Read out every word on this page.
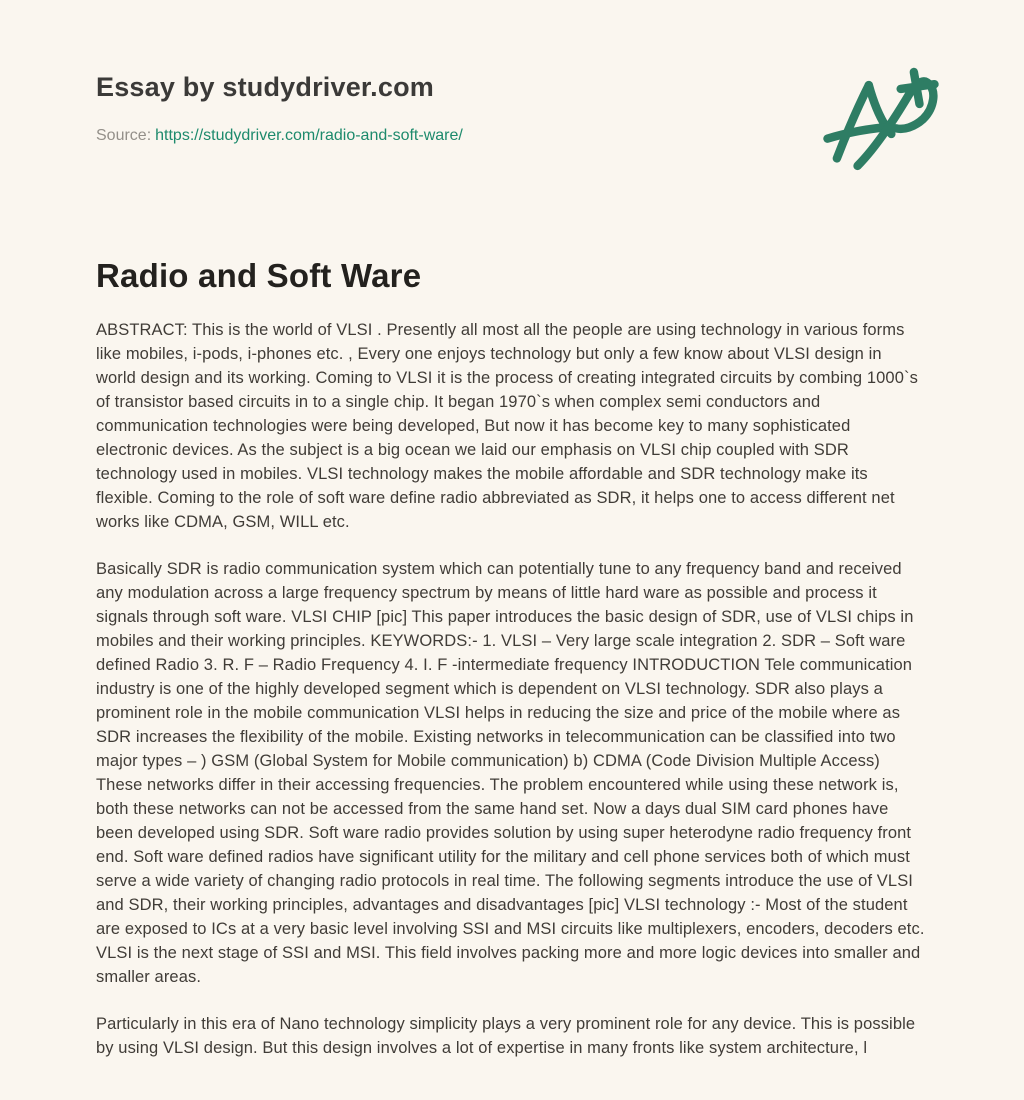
Essay by studydriver.com
Source: https://studydriver.com/radio-and-soft-ware/
Radio and Soft Ware

ABSTRACT: This is the world of VLSI . Presently all most all the people are using technology in various forms like mobiles, i-pods, i-phones etc. , Every one enjoys technology but only a few know about VLSI design in world design and its working. Coming to VLSI it is the process of creating integrated circuits by combing 1000`s of transistor based circuits in to a single chip. It began 1970`s when complex semi conductors and communication technologies were being developed, But now it has become key to many sophisticated electronic devices. As the subject is a big ocean we laid our emphasis on VLSI chip coupled with SDR technology used in mobiles. VLSI technology makes the mobile affordable and SDR technology make its flexible. Coming to the role of soft ware define radio abbreviated as SDR, it helps one to access different net works like CDMA, GSM, WILL etc.

Basically SDR is radio communication system which can potentially tune to any frequency band and received any modulation across a large frequency spectrum by means of little hard ware as possible and process it signals through soft ware. VLSI CHIP [pic] This paper introduces the basic design of SDR, use of VLSI chips in mobiles and their working principles. KEYWORDS:- 1. VLSI – Very large scale integration 2. SDR – Soft ware defined Radio 3. R. F – Radio Frequency 4. I. F -intermediate frequency INTRODUCTION Tele communication industry is one of the highly developed segment which is dependent on VLSI technology. SDR also plays a prominent role in the mobile communication VLSI helps in reducing the size and price of the mobile where as SDR increases the flexibility of the mobile. Existing networks in telecommunication can be classified into two major types – ) GSM (Global System for Mobile communication) b) CDMA (Code Division Multiple Access) These networks differ in their accessing frequencies. The problem encountered while using these network is, both these networks can not be accessed from the same hand set. Now a days dual SIM card phones have been developed using SDR. Soft ware radio provides solution by using super heterodyne radio frequency front end. Soft ware defined radios have significant utility for the military and cell phone services both of which must serve a wide variety of changing radio protocols in real time. The following segments introduce the use of VLSI and SDR, their working principles, advantages and disadvantages [pic] VLSI technology :- Most of the student are exposed to ICs at a very basic level involving SSI and MSI circuits like multiplexers, encoders, decoders etc. VLSI is the next stage of SSI and MSI. This field involves packing more and more logic devices into smaller and smaller areas.

Particularly in this era of Nano technology simplicity plays a very prominent role for any device. This is possible by using VLSI design. But this design involves a lot of expertise in many fronts like system architecture, l
